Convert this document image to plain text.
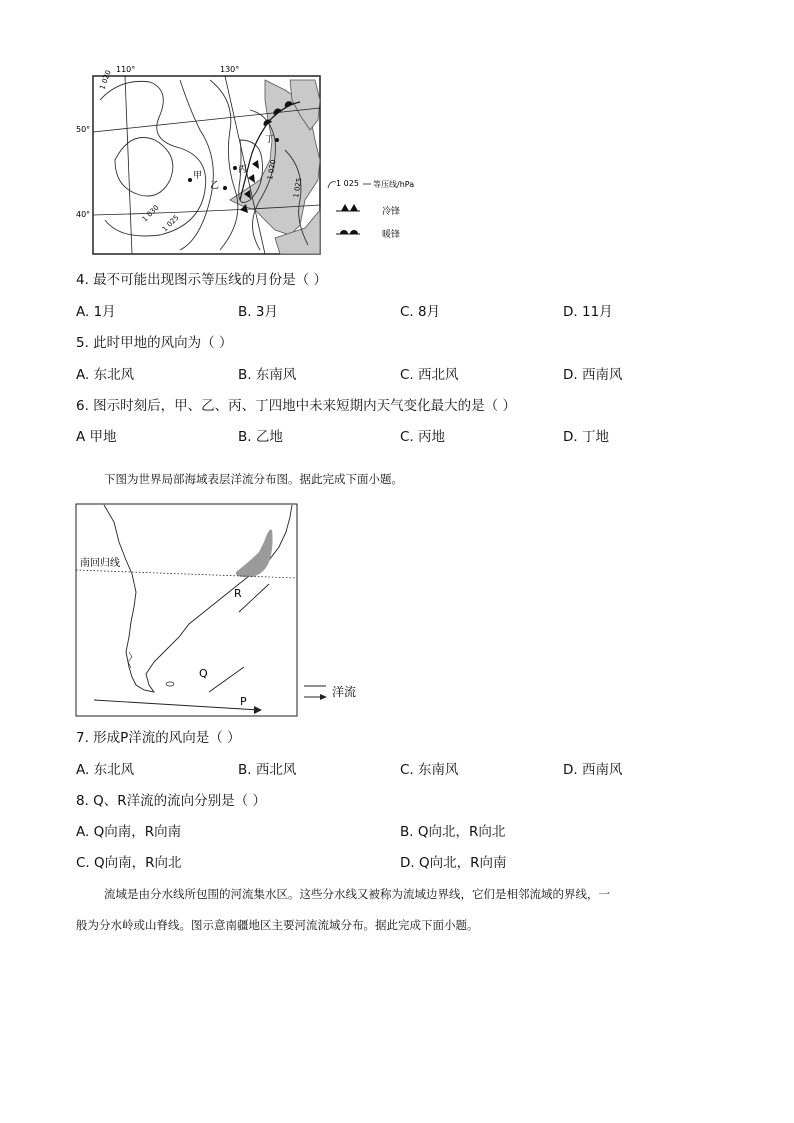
110°	130°
50°
40°
1 020
1 030
1 025
1 020
1 025
甲
乙
丙
丁
1 025 等压线/hPa
冷锋
暖锋
4. 最不可能出现图示等压线的月份是（ ）
A. 1月	B. 3月	C. 8月	D. 11月
5. 此时甲地的风向为（ ）
A. 东北风	B. 东南风	C. 西北风	D. 西南风
6. 图示时刻后，甲、乙、丙、丁四地中未来短期内天气变化最大的是（ ）
A 甲地	B. 乙地	C. 丙地	D. 丁地
下图为世界局部海域表层洋流分布图。据此完成下面小题。
南回归线
R
Q
P
洋流
7. 形成P洋流的风向是（ ）
A. 东北风	B. 西北风	C. 东南风	D. 西南风
8. Q、R洋流的流向分别是（ ）
A. Q向南，R向南	B. Q向北，R向北
C. Q向南，R向北	D. Q向北，R向南
流域是由分水线所包围的河流集水区。这些分水线又被称为流域边界线，它们是相邻流域的界线，一
般为分水岭或山脊线。图示意南疆地区主要河流流域分布。据此完成下面小题。
